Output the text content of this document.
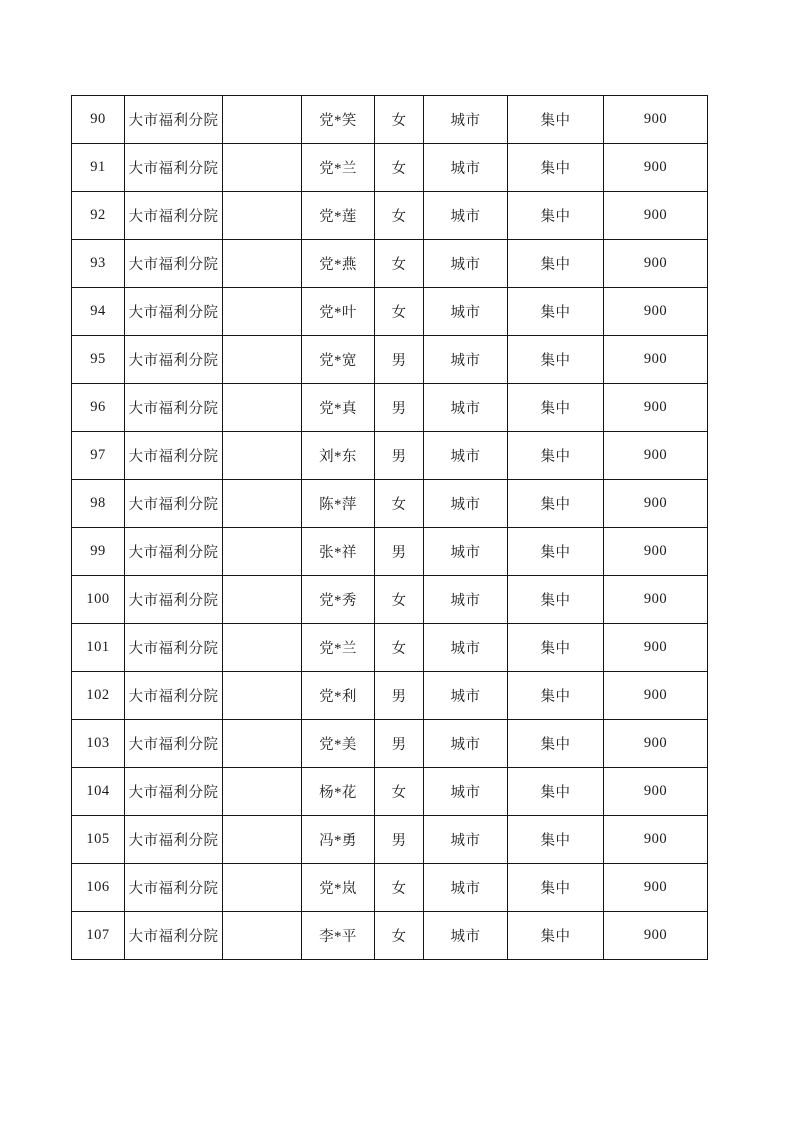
90	大市福利分院		党*笑	女	城市	集中	900
91	大市福利分院		党*兰	女	城市	集中	900
92	大市福利分院		党*莲	女	城市	集中	900
93	大市福利分院		党*燕	女	城市	集中	900
94	大市福利分院		党*叶	女	城市	集中	900
95	大市福利分院		党*宽	男	城市	集中	900
96	大市福利分院		党*真	男	城市	集中	900
97	大市福利分院		刘*东	男	城市	集中	900
98	大市福利分院		陈*萍	女	城市	集中	900
99	大市福利分院		张*祥	男	城市	集中	900
100	大市福利分院		党*秀	女	城市	集中	900
101	大市福利分院		党*兰	女	城市	集中	900
102	大市福利分院		党*利	男	城市	集中	900
103	大市福利分院		党*美	男	城市	集中	900
104	大市福利分院		杨*花	女	城市	集中	900
105	大市福利分院		冯*勇	男	城市	集中	900
106	大市福利分院		党*岚	女	城市	集中	900
107	大市福利分院		李*平	女	城市	集中	900
